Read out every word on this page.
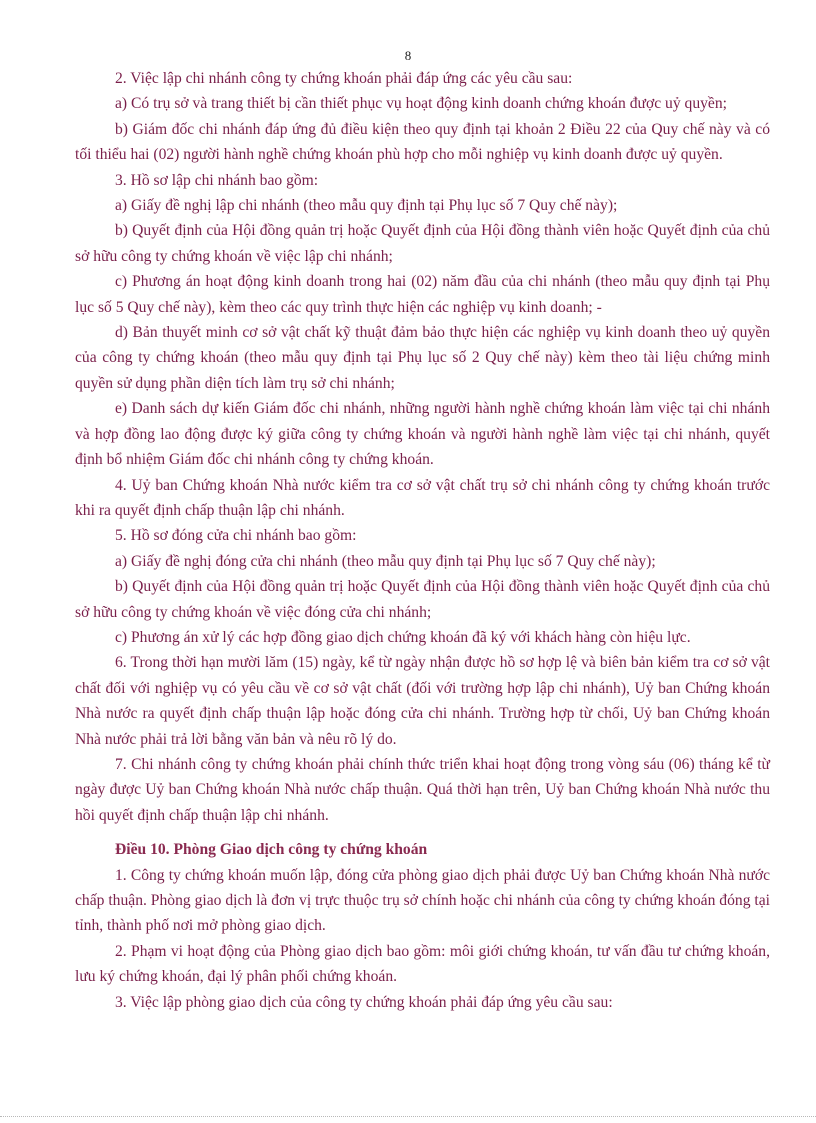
8

2. Việc lập chi nhánh công ty chứng khoán phải đáp ứng các yêu cầu sau:

a) Có trụ sở và trang thiết bị cần thiết phục vụ hoạt động kinh doanh chứng khoán được uỷ quyền;

b) Giám đốc chi nhánh đáp ứng đủ điều kiện theo quy định tại khoản 2 Điều 22 của Quy chế này và có tối thiểu hai (02) người hành nghề chứng khoán phù hợp cho mỗi nghiệp vụ kinh doanh được uỷ quyền.

3. Hồ sơ lập chi nhánh bao gồm:

a) Giấy đề nghị lập chi nhánh (theo mẫu quy định tại Phụ lục số 7 Quy chế này);

b) Quyết định của Hội đồng quản trị hoặc Quyết định của Hội đồng thành viên hoặc Quyết định của chủ sở hữu công ty chứng khoán về việc lập chi nhánh;

c) Phương án hoạt động kinh doanh trong hai (02) năm đầu của chi nhánh (theo mẫu quy định tại Phụ lục số 5 Quy chế này), kèm theo các quy trình thực hiện các nghiệp vụ kinh doanh; -

d) Bản thuyết minh cơ sở vật chất kỹ thuật đảm bảo thực hiện các nghiệp vụ kinh doanh theo uỷ quyền của công ty chứng khoán (theo mẫu quy định tại Phụ lục số 2 Quy chế này) kèm theo tài liệu chứng minh quyền sử dụng phần diện tích làm trụ sở chi nhánh;

e) Danh sách dự kiến Giám đốc chi nhánh, những người hành nghề chứng khoán làm việc tại chi nhánh và hợp đồng lao động được ký giữa công ty chứng khoán và người hành nghề làm việc tại chi nhánh, quyết định bổ nhiệm Giám đốc chi nhánh công ty chứng khoán.

4. Uỷ ban Chứng khoán Nhà nước kiểm tra cơ sở vật chất trụ sở chi nhánh công ty chứng khoán trước khi ra quyết định chấp thuận lập chi nhánh.

5. Hồ sơ đóng cửa chi nhánh bao gồm:

a) Giấy đề nghị đóng cửa chi nhánh (theo mẫu quy định tại Phụ lục số 7 Quy chế này);

b) Quyết định của Hội đồng quản trị hoặc Quyết định của Hội đồng thành viên hoặc Quyết định của chủ sở hữu công ty chứng khoán về việc đóng cửa chi nhánh;

c) Phương án xử lý các hợp đồng giao dịch chứng khoán đã ký với khách hàng còn hiệu lực.

6. Trong thời hạn mười lăm (15) ngày, kể từ ngày nhận được hồ sơ hợp lệ và biên bản kiểm tra cơ sở vật chất đối với nghiệp vụ có yêu cầu về cơ sở vật chất (đối với trường hợp lập chi nhánh), Uỷ ban Chứng khoán Nhà nước ra quyết định chấp thuận lập hoặc đóng cửa chi nhánh. Trường hợp từ chối, Uỷ ban Chứng khoán Nhà nước phải trả lời bằng văn bản và nêu rõ lý do.

7. Chi nhánh công ty chứng khoán phải chính thức triển khai hoạt động trong vòng sáu (06) tháng kể từ ngày được Uỷ ban Chứng khoán Nhà nước chấp thuận. Quá thời hạn trên, Uỷ ban Chứng khoán Nhà nước thu hồi quyết định chấp thuận lập chi nhánh.

Điều 10. Phòng Giao dịch công ty chứng khoán

1. Công ty chứng khoán muốn lập, đóng cửa phòng giao dịch phải được Uỷ ban Chứng khoán Nhà nước chấp thuận. Phòng giao dịch là đơn vị trực thuộc trụ sở chính hoặc chi nhánh của công ty chứng khoán đóng tại tỉnh, thành phố nơi mở phòng giao dịch.

2. Phạm vi hoạt động của Phòng giao dịch bao gồm: môi giới chứng khoán, tư vấn đầu tư chứng khoán, lưu ký chứng khoán, đại lý phân phối chứng khoán.

3. Việc lập phòng giao dịch của công ty chứng khoán phải đáp ứng yêu cầu sau:
